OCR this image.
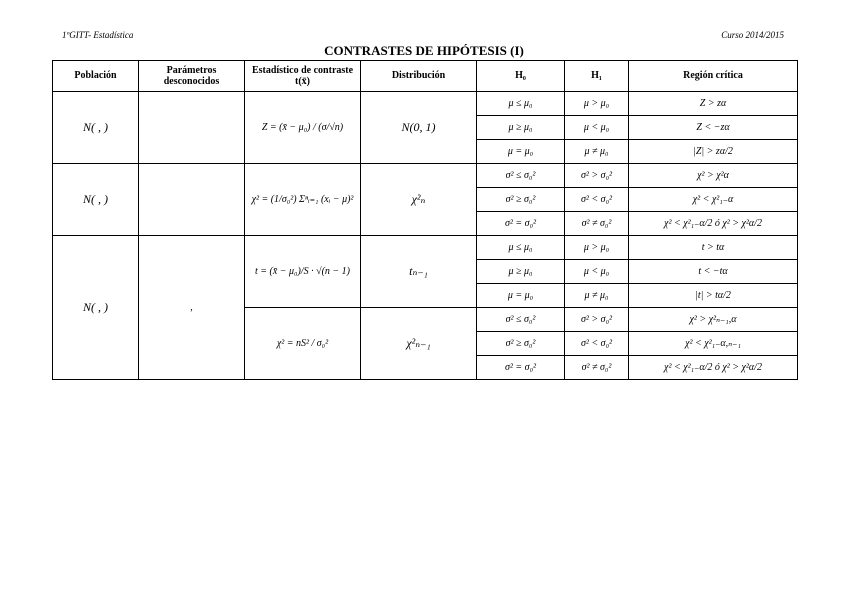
1ºGITT- Estadística	Curso 2014/2015
CONTRASTES DE HIPÓTESIS (I)
Población	Parámetros desconocidos	Estadístico de contraste t(x̄)	Distribución	H₀	H₁	Región crítica
N( , )		Z = (x̄ − μ₀) / (σ/√n)	N(0, 1)	μ ≤ μ₀	μ > μ₀	Z > zα
				μ ≥ μ₀	μ < μ₀	Z < −zα
				μ = μ₀	μ ≠ μ₀	|Z| > zα/2
N( , )		χ² = (1/σ₀²) Σⁿᵢ₌₁ (xᵢ − μ)²	χ²ₙ	σ² ≤ σ₀²	σ² > σ₀²	χ² > χ²α
				σ² ≥ σ₀²	σ² < σ₀²	χ² < χ²₁₋α
				σ² = σ₀²	σ² ≠ σ₀²	χ² < χ²₁₋α/2 ó χ² > χ²α/2
N( , )	,	t = (x̄ − μ₀)/S · √(n − 1)	tₙ₋₁	μ ≤ μ₀	μ > μ₀	t > tα
				μ ≥ μ₀	μ < μ₀	t < −tα
				μ = μ₀	μ ≠ μ₀	|t| > tα/2
		χ² = nS² / σ₀²	χ²ₙ₋₁	σ² ≤ σ₀²	σ² > σ₀²	χ² > χ²ₙ₋₁,α
				σ² ≥ σ₀²	σ² < σ₀²	χ² < χ²₁₋α,ₙ₋₁
				σ² = σ₀²	σ² ≠ σ₀²	χ² < χ²₁₋α/2 ó χ² > χ²α/2
